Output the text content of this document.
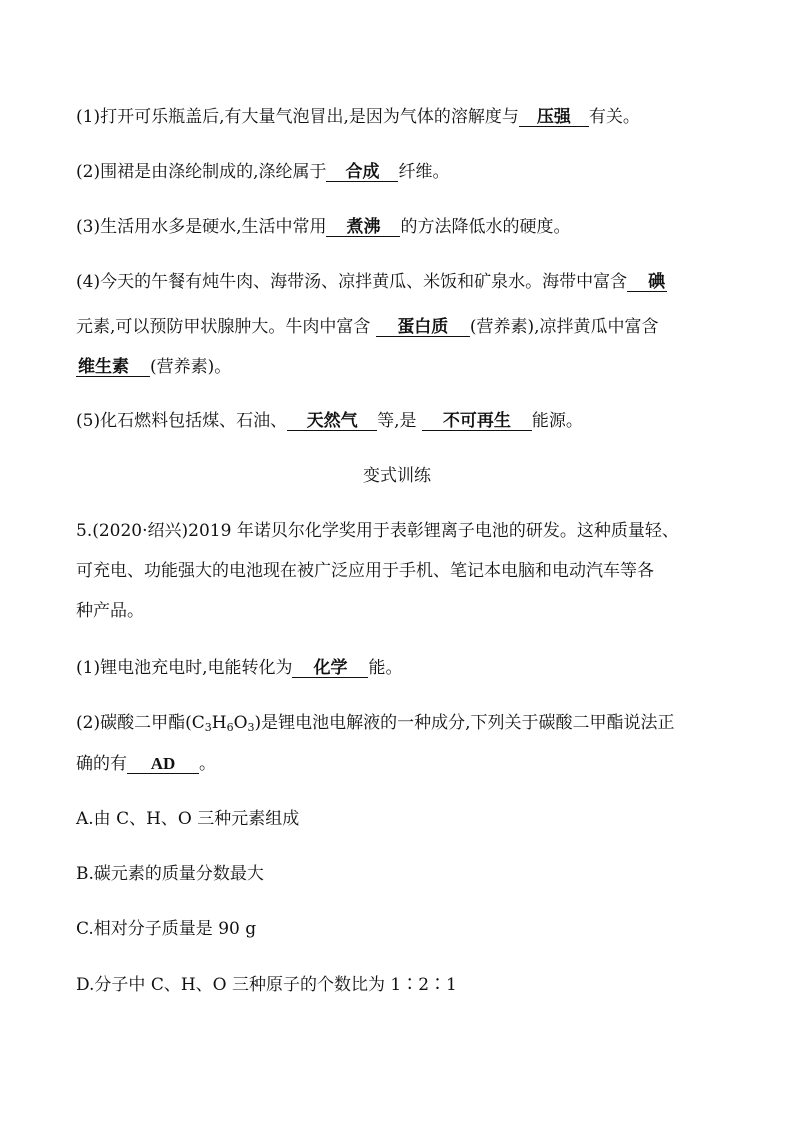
(1)打开可乐瓶盖后,有大量气泡冒出,是因为气体的溶解度与 压强 有关。
(2)围裙是由涤纶制成的,涤纶属于 合成 纤维。
(3)生活用水多是硬水,生活中常用 煮沸 的方法降低水的硬度。
(4)今天的午餐有炖牛肉、海带汤、凉拌黄瓜、米饭和矿泉水。海带中富含 碘
元素,可以预防甲状腺肿大。牛肉中富含 蛋白质 (营养素),凉拌黄瓜中富含
维生素 (营养素)。
(5)化石燃料包括煤、石油、 天然气 等,是 不可再生 能源。
变式训练
5.(2020·绍兴)2019 年诺贝尔化学奖用于表彰锂离子电池的研发。这种质量轻、
可充电、功能强大的电池现在被广泛应用于手机、笔记本电脑和电动汽车等各
种产品。
(1)锂电池充电时,电能转化为 化学 能。
(2)碳酸二甲酯$(C_3H_6O_3)$是锂电池电解液的一种成分,下列关于碳酸二甲酯说法正
确的有 AD 。
A.由 C、H、O 三种元素组成
B.碳元素的质量分数最大
C.相对分子质量是 90 g
D.分子中 C、H、O 三种原子的个数比为 1∶2∶1
